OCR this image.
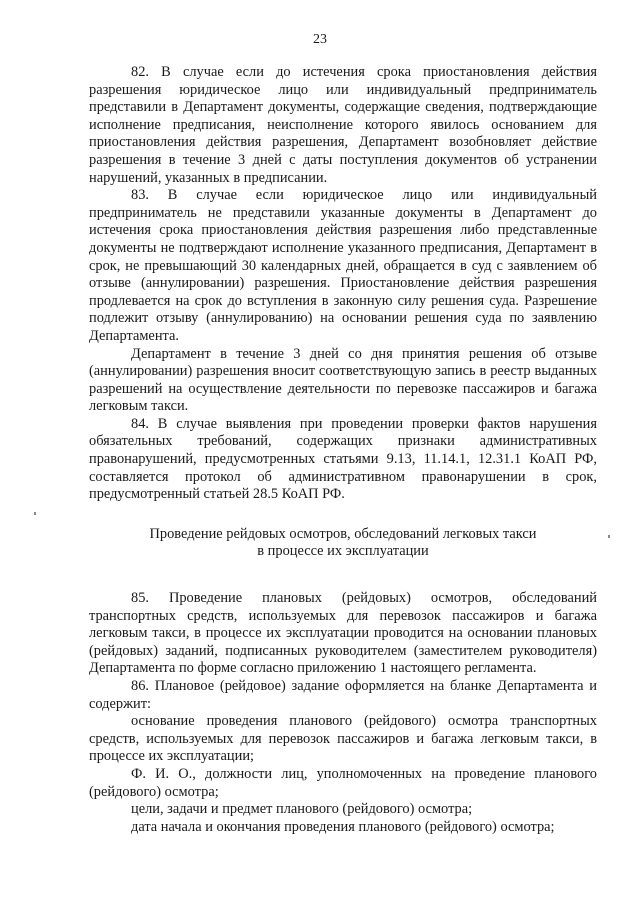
23

82. В случае если до истечения срока приостановления действия разрешения юридическое лицо или индивидуальный предприниматель представили в Департамент документы, содержащие сведения, подтверждающие исполнение предписания, неисполнение которого явилось основанием для приостановления действия разрешения, Департамент возобновляет действие разрешения в течение 3 дней с даты поступления документов об устранении нарушений, указанных в предписании.

83. В случае если юридическое лицо или индивидуальный предприниматель не представили указанные документы в Департамент до истечения срока приостановления действия разрешения либо представленные документы не подтверждают исполнение указанного предписания, Департамент в срок, не превышающий 30 календарных дней, обращается в суд с заявлением об отзыве (аннулировании) разрешения. Приостановление действия разрешения продлевается на срок до вступления в законную силу решения суда. Разрешение подлежит отзыву (аннулированию) на основании решения суда по заявлению Департамента.

Департамент в течение 3 дней со дня принятия решения об отзыве (аннулировании) разрешения вносит соответствующую запись в реестр выданных разрешений на осуществление деятельности по перевозке пассажиров и багажа легковым такси.

84. В случае выявления при проведении проверки фактов нарушения обязательных требований, содержащих признаки административных правонарушений, предусмотренных статьями 9.13, 11.14.1, 12.31.1 КоАП РФ, составляется протокол об административном правонарушении в срок, предусмотренный статьей 28.5 КоАП РФ.

Проведение рейдовых осмотров, обследований легковых такси
в процессе их эксплуатации

85. Проведение плановых (рейдовых) осмотров, обследований транспортных средств, используемых для перевозок пассажиров и багажа легковым такси, в процессе их эксплуатации проводится на основании плановых (рейдовых) заданий, подписанных руководителем (заместителем руководителя) Департамента по форме согласно приложению 1 настоящего регламента.

86. Плановое (рейдовое) задание оформляется на бланке Департамента и содержит:

основание проведения планового (рейдового) осмотра транспортных средств, используемых для перевозок пассажиров и багажа легковым такси, в процессе их эксплуатации;

Ф. И. О., должности лиц, уполномоченных на проведение планового (рейдового) осмотра;

цели, задачи и предмет планового (рейдового) осмотра;

дата начала и окончания проведения планового (рейдового) осмотра;
